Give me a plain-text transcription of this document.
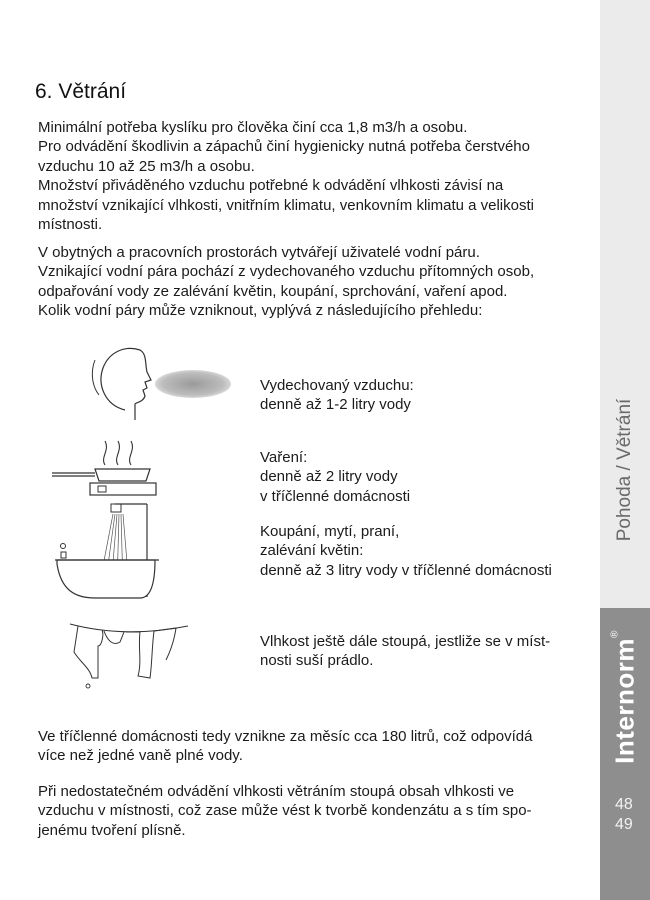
6. Větrání
Minimální potřeba kyslíku pro člověka činí cca 1,8 m3/h a osobu.
Pro odvádění škodlivin a zápachů činí hygienicky nutná potřeba čerstvého
vzduchu 10 až 25 m3/h a osobu.
Množství přiváděného vzduchu potřebné k odvádění vlhkosti závisí na
množství vznikající vlhkosti, vnitřním klimatu, venkovním klimatu a velikosti
místnosti.
V obytných a pracovních prostorách vytvářejí uživatelé vodní páru.
Vznikající vodní pára pochází z vydechovaného vzduchu přítomných osob,
odpařování vody ze zalévání květin, koupání, sprchování, vaření apod.
Kolik vodní páry může vzniknout, vyplývá z následujícího přehledu:
Vydechovaný vzduchu:
denně až 1-2 litry vody
Vaření:
denně až 2 litry vody
v tříčlenné domácnosti
Koupání, mytí, praní,
zalévání květin:
denně až 3 litry vody v tříčlenné domácnosti
Vlhkost ještě dále stoupá, jestliže se v míst-
nosti suší prádlo.
Ve tříčlenné domácnosti tedy vznikne za měsíc cca 180 litrů, což odpovídá
více než jedné vaně plné vody.
Při nedostatečném odvádění vlhkosti větráním stoupá obsah vlhkosti ve
vzduchu v místnosti, což zase může vést k tvorbě kondenzátu a s tím spo-
jenému tvoření plísně.
Pohoda / Větrání
Internorm®
48
49
